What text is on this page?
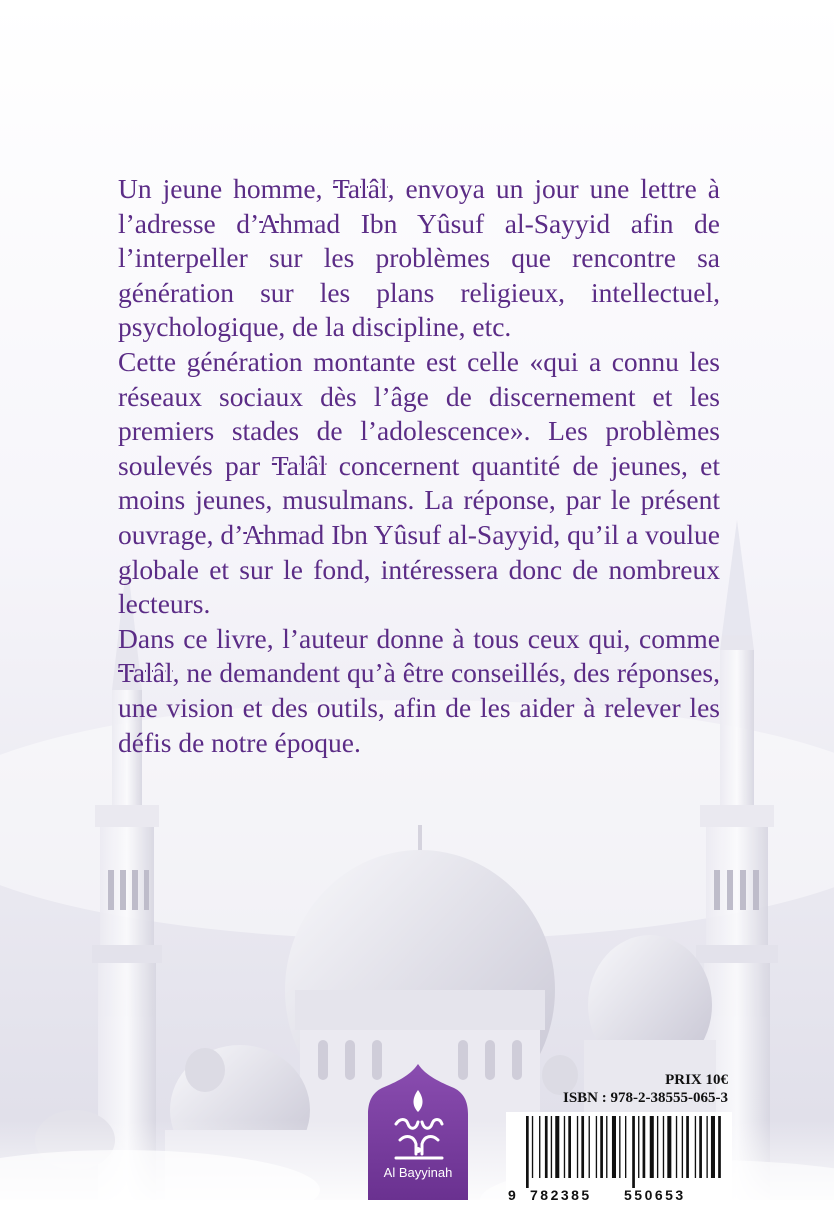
Un jeune homme, Talâl, envoya un jour une lettre à
l’adresse d’Ahmad Ibn Yûsuf al-Sayyid afin de
l’interpeller sur les problèmes que rencontre sa
génération sur les plans religieux, intellectuel,
psychologique, de la discipline, etc.

Cette génération montante est celle «qui a connu les
réseaux sociaux dès l’âge de discernement et les
premiers stades de l’adolescence». Les problèmes
soulevés par Talâl concernent quantité de jeunes, et
moins jeunes, musulmans. La réponse, par le présent
ouvrage, d’Ahmad Ibn Yûsuf al-Sayyid, qu’il a voulue
globale et sur le fond, intéressera donc de nombreux
lecteurs.

Dans ce livre, l’auteur donne à tous ceux qui, comme
Talâl, ne demandent qu’à être conseillés, des réponses,
une vision et des outils, afin de les aider à relever les
défis de notre époque.

Al Bayyinah
PRIX 10€
ISBN : 978-2-38555-065-3
9 782385 550653
